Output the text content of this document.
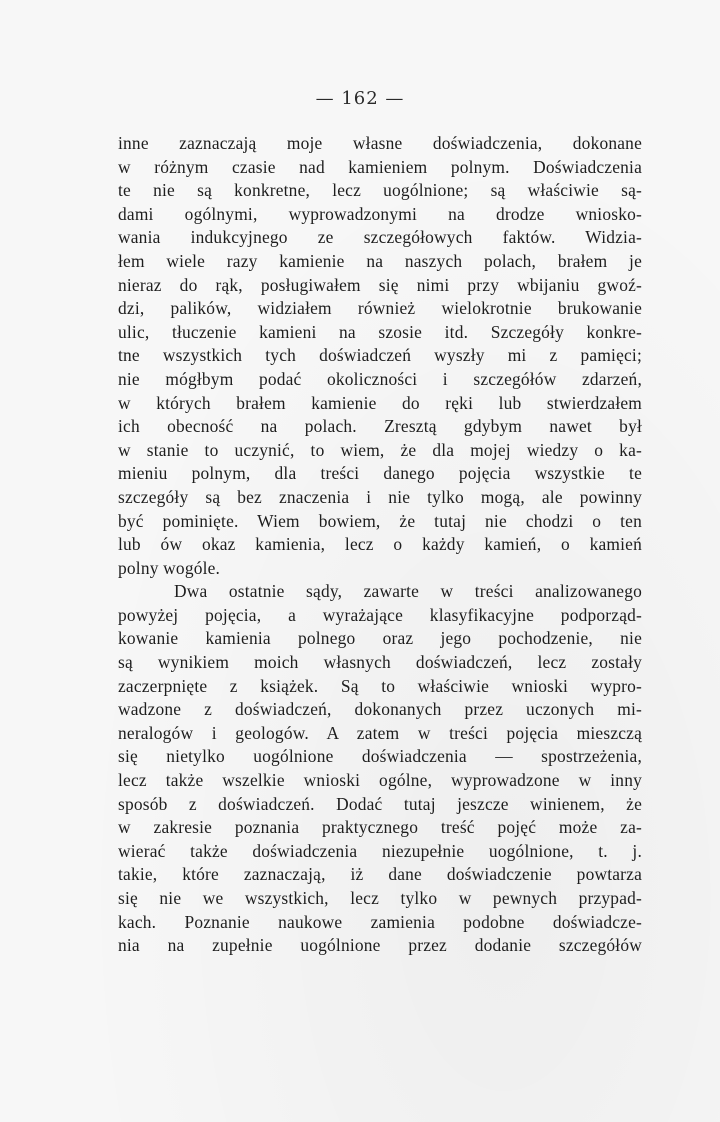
— 162 —
inne zaznaczają moje własne doświadczenia, dokonane
w różnym czasie nad kamieniem polnym. Doświadczenia
te nie są konkretne, lecz uogólnione; są właściwie są-
dami ogólnymi, wyprowadzonymi na drodze wniosko-
wania indukcyjnego ze szczegółowych faktów. Widzia-
łem wiele razy kamienie na naszych polach, brałem je
nieraz do rąk, posługiwałem się nimi przy wbijaniu gwoź-
dzi, palików, widziałem również wielokrotnie brukowanie
ulic, tłuczenie kamieni na szosie itd. Szczegóły konkre-
tne wszystkich tych doświadczeń wyszły mi z pamięci;
nie mógłbym podać okoliczności i szczegółów zdarzeń,
w których brałem kamienie do ręki lub stwierdzałem
ich obecność na polach. Zresztą gdybym nawet był
w stanie to uczynić, to wiem, że dla mojej wiedzy o ka-
mieniu polnym, dla treści danego pojęcia wszystkie te
szczegóły są bez znaczenia i nie tylko mogą, ale powinny
być pominięte. Wiem bowiem, że tutaj nie chodzi o ten
lub ów okaz kamienia, lecz o każdy kamień, o kamień
polny wogóle.
Dwa ostatnie sądy, zawarte w treści analizowanego
powyżej pojęcia, a wyrażające klasyfikacyjne podporząd-
kowanie kamienia polnego oraz jego pochodzenie, nie
są wynikiem moich własnych doświadczeń, lecz zostały
zaczerpnięte z książek. Są to właściwie wnioski wypro-
wadzone z doświadczeń, dokonanych przez uczonych mi-
neralogów i geologów. A zatem w treści pojęcia mieszczą
się nietylko uogólnione doświadczenia — spostrzeżenia,
lecz także wszelkie wnioski ogólne, wyprowadzone w inny
sposób z doświadczeń. Dodać tutaj jeszcze winienem, że
w zakresie poznania praktycznego treść pojęć może za-
wierać także doświadczenia niezupełnie uogólnione, t. j.
takie, które zaznaczają, iż dane doświadczenie powtarza
się nie we wszystkich, lecz tylko w pewnych przypad-
kach. Poznanie naukowe zamienia podobne doświadcze-
nia na zupełnie uogólnione przez dodanie szczegółów
